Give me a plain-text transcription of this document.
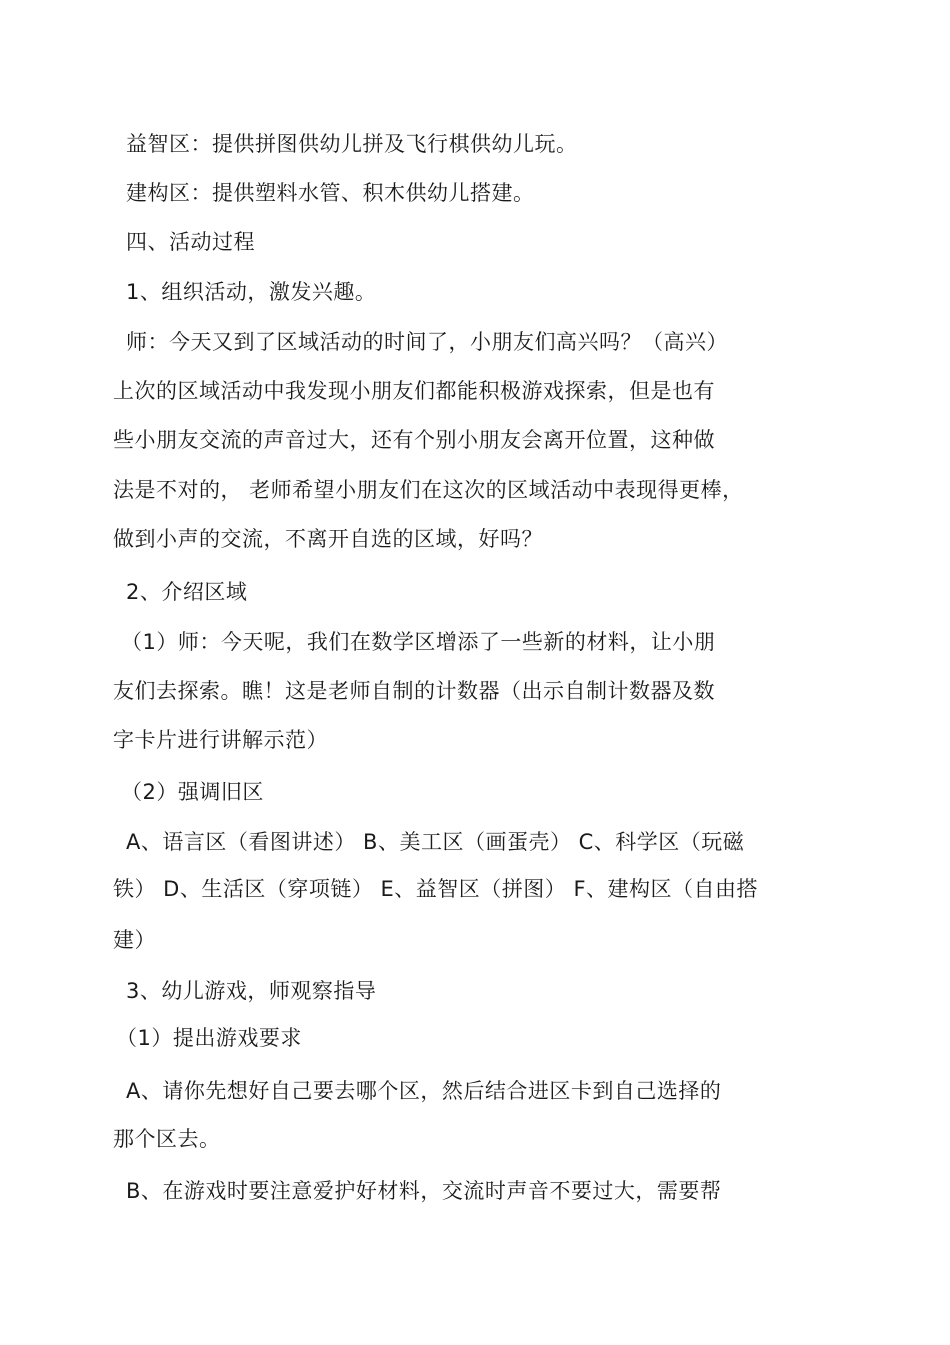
益智区：提供拼图供幼儿拼及飞行棋供幼儿玩。
建构区：提供塑料水管、积木供幼儿搭建。
四、活动过程
1、组织活动，激发兴趣。
师：今天又到了区域活动的时间了，小朋友们高兴吗？（高兴）
上次的区域活动中我发现小朋友们都能积极游戏探索，但是也有
些小朋友交流的声音过大，还有个别小朋友会离开位置，这种做
法是不对的， 老师希望小朋友们在这次的区域活动中表现得更棒，
做到小声的交流，不离开自选的区域，好吗？
2、介绍区域
（1）师：今天呢，我们在数学区增添了一些新的材料，让小朋
友们去探索。瞧！这是老师自制的计数器（出示自制计数器及数
字卡片进行讲解示范）
（2）强调旧区
A、语言区（看图讲述） B、美工区（画蛋壳） C、科学区（玩磁
铁） D、生活区（穿项链） E、益智区（拼图） F、建构区（自由搭
建）
3、幼儿游戏，师观察指导
（1）提出游戏要求
A、请你先想好自己要去哪个区，然后结合进区卡到自己选择的
那个区去。
B、在游戏时要注意爱护好材料，交流时声音不要过大，需要帮
